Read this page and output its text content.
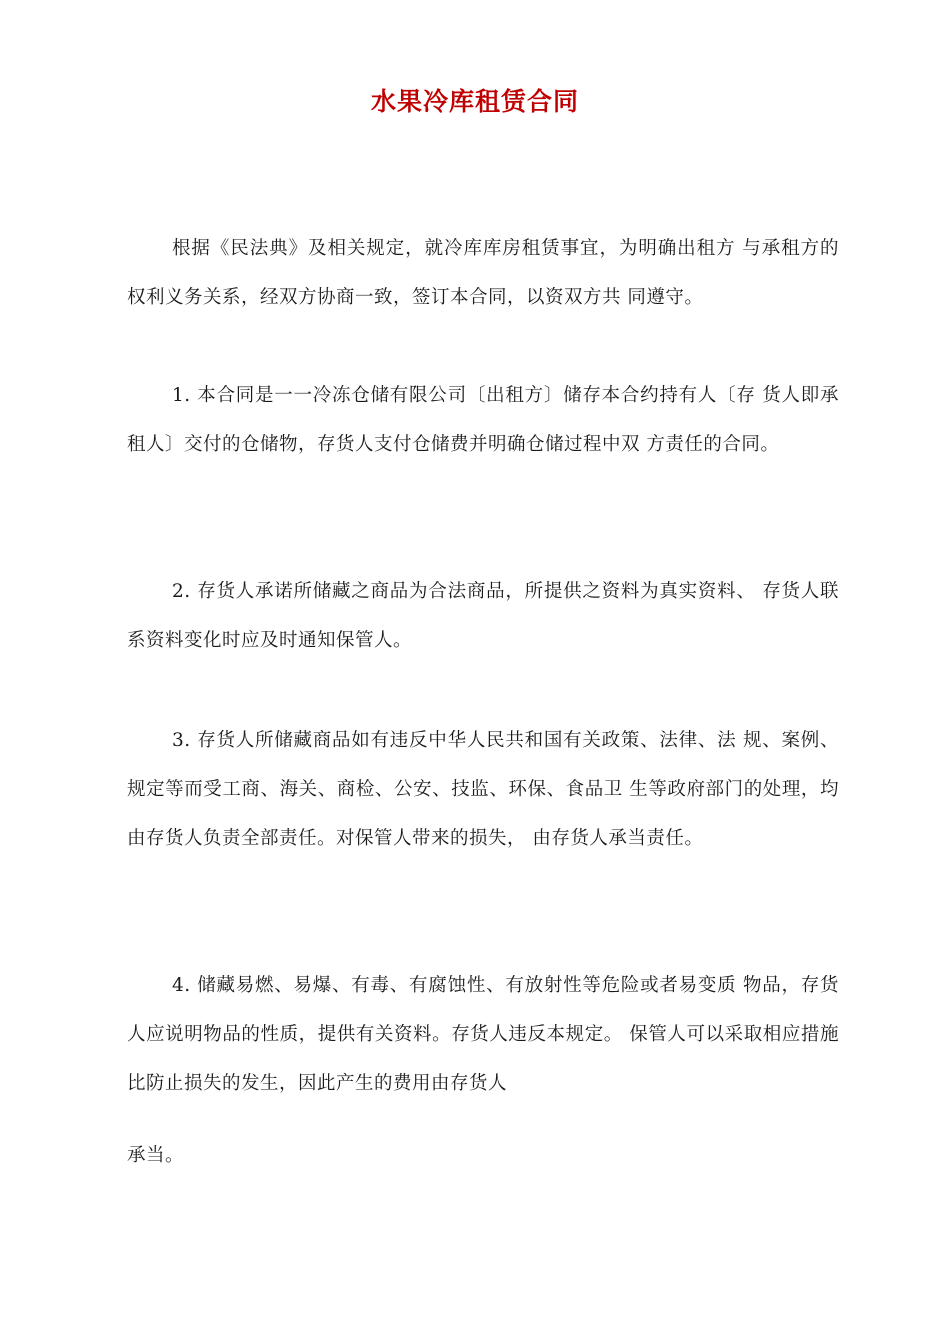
水果冷库租赁合同

根据《民法典》及相关规定，就冷库库房租赁事宜，为明确出租方 与承租方的权利义务关系，经双方协商一致，签订本合同，以资双方共 同遵守。

1. 本合同是一一冷冻仓储有限公司〔出租方〕储存本合约持有人〔存 货人即承租人〕交付的仓储物，存货人支付仓储费并明确仓储过程中双 方责任的合同。

2. 存货人承诺所储藏之商品为合法商品，所提供之资料为真实资料、 存货人联系资料变化时应及时通知保管人。

3. 存货人所储藏商品如有违反中华人民共和国有关政策、法律、法 规、案例、规定等而受工商、海关、商检、公安、技监、环保、食品卫 生等政府部门的处理，均由存货人负责全部责任。对保管人带来的损失， 由存货人承当责任。

4. 储藏易燃、易爆、有毒、有腐蚀性、有放射性等危险或者易变质 物品，存货人应说明物品的性质，提供有关资料。存货人违反本规定。 保管人可以采取相应措施比防止损失的发生，因此产生的费用由存货人

承当。
